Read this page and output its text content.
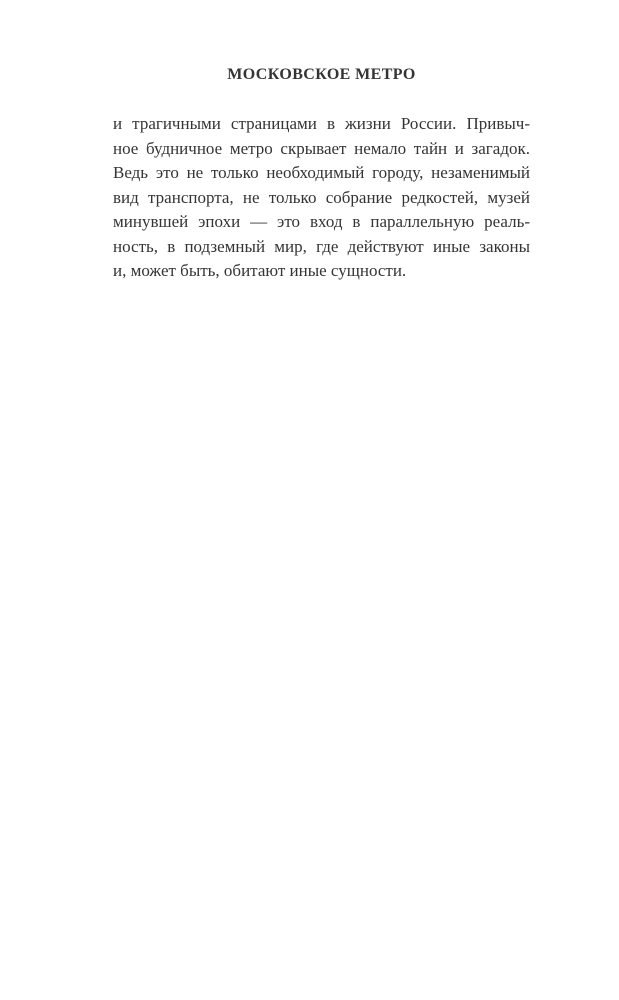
МОСКОВСКОЕ МЕТРО
и трагичными страницами в жизни России. Привыч-
ное будничное метро скрывает немало тайн и загадок.
Ведь это не только необходимый городу, незаменимый
вид транспорта, не только собрание редкостей, музей
минувшей эпохи — это вход в параллельную реаль-
ность, в подземный мир, где действуют иные законы
и, может быть, обитают иные сущности.
